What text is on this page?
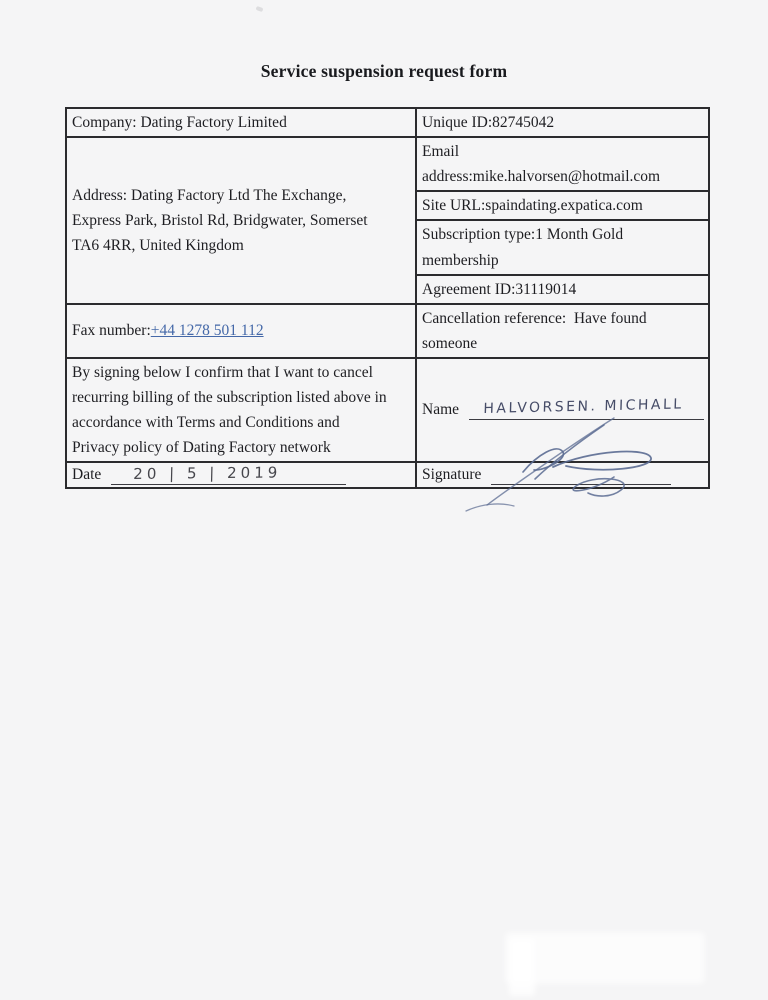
Service suspension request form
Company: Dating Factory Limited	Unique ID:82745042

Address: Dating Factory Ltd The Exchange,
Express Park, Bristol Rd, Bridgwater, Somerset
TA6 4RR, United Kingdom	Email
address:mike.halvorsen@hotmail.com

	Site URL:spaindating.expatica.com

	Subscription type:1 Month Gold
membership

	Agreement ID:31119014
Fax number:+44 1278 501 112	Cancellation reference:  Have found
someone

By signing below I confirm that I want to cancel
recurring billing of the subscription listed above in
accordance with Terms and Conditions and
Privacy policy of Dating Factory network	Name HALVORSEN. MICHALL

Date 20 | 5 | 2019	Signature
